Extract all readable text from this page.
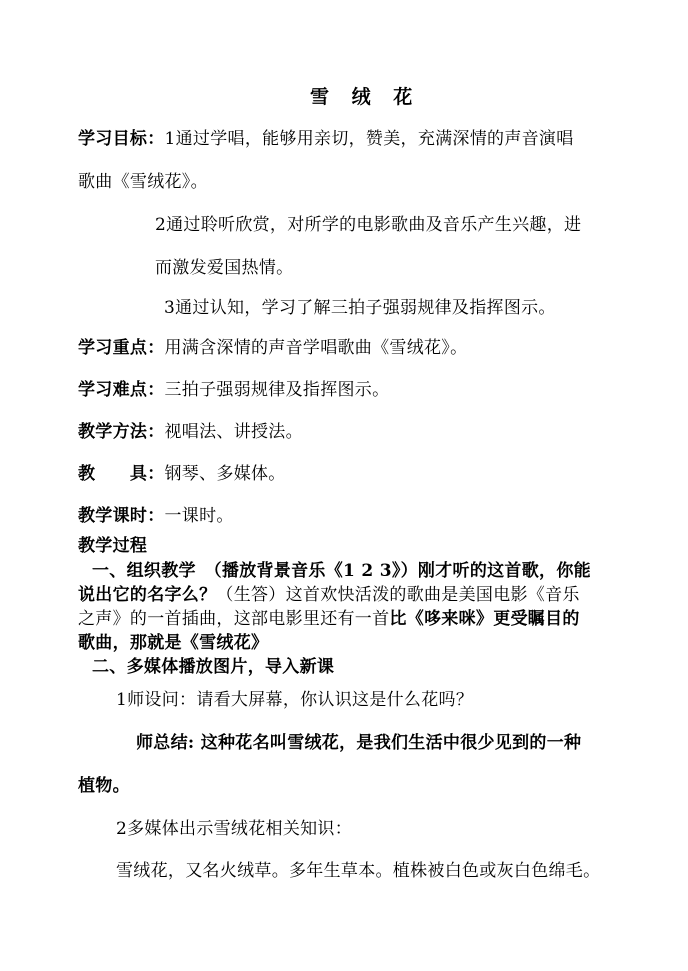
雪 绒 花
学习目标：1通过学唱，能够用亲切，赞美，充满深情的声音演唱
歌曲《雪绒花》。
2通过聆听欣赏，对所学的电影歌曲及音乐产生兴趣，进
而激发爱国热情。
3通过认知，学习了解三拍子强弱规律及指挥图示。
学习重点：用满含深情的声音学唱歌曲《雪绒花》。
学习难点：三拍子强弱规律及指挥图示。
教学方法：视唱法、讲授法。
教　　具：钢琴、多媒体。
教学课时：一课时。
教学过程
一、组织教学　（播放背景音乐《1 2 3》）刚才听的这首歌，你能
说出它的名字么？（生答）这首欢快活泼的歌曲是美国电影《音乐
之声》的一首插曲，这部电影里还有一首比《哆来咪》更受瞩目的
歌曲，那就是《雪绒花》
二、多媒体播放图片，导入新课
1师设问：请看大屏幕，你认识这是什么花吗？
师总结: 这种花名叫雪绒花，是我们生活中很少见到的一种
植物。
2多媒体出示雪绒花相关知识：
雪绒花，又名火绒草。多年生草本。植株被白色或灰白色绵毛。
